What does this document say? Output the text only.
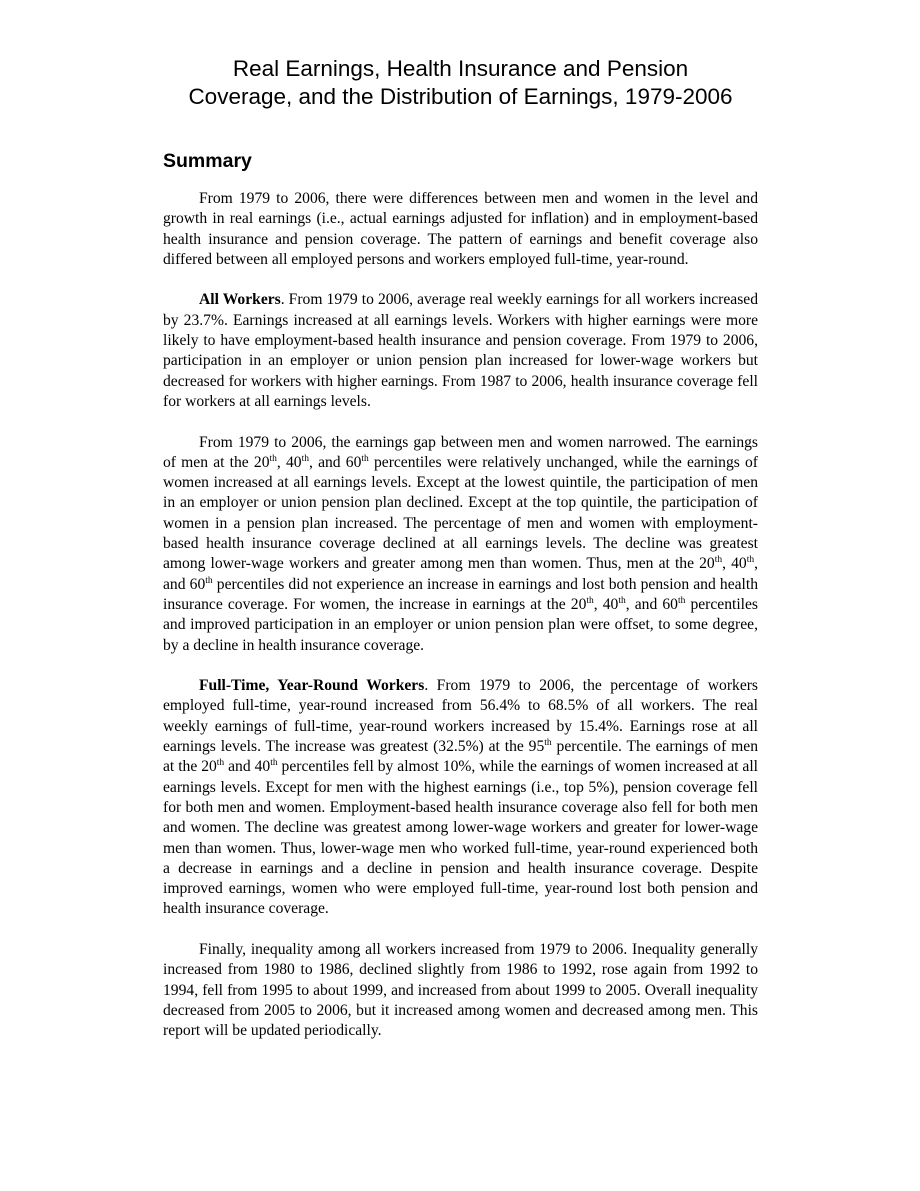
Real Earnings, Health Insurance and Pension
Coverage, and the Distribution of Earnings, 1979-2006
Summary

From 1979 to 2006, there were differences between men and women in the level and growth in real earnings (i.e., actual earnings adjusted for inflation) and in employment-based health insurance and pension coverage. The pattern of earnings and benefit coverage also differed between all employed persons and workers employed full-time, year-round.

All Workers. From 1979 to 2006, average real weekly earnings for all workers increased by 23.7%. Earnings increased at all earnings levels. Workers with higher earnings were more likely to have employment-based health insurance and pension coverage. From 1979 to 2006, participation in an employer or union pension plan increased for lower-wage workers but decreased for workers with higher earnings. From 1987 to 2006, health insurance coverage fell for workers at all earnings levels.

From 1979 to 2006, the earnings gap between men and women narrowed. The earnings of men at the 20th, 40th, and 60th percentiles were relatively unchanged, while the earnings of women increased at all earnings levels. Except at the lowest quintile, the participation of men in an employer or union pension plan declined. Except at the top quintile, the participation of women in a pension plan increased. The percentage of men and women with employment-based health insurance coverage declined at all earnings levels. The decline was greatest among lower-wage workers and greater among men than women. Thus, men at the 20th, 40th, and 60th percentiles did not experience an increase in earnings and lost both pension and health insurance coverage. For women, the increase in earnings at the 20th, 40th, and 60th percentiles and improved participation in an employer or union pension plan were offset, to some degree, by a decline in health insurance coverage.

Full-Time, Year-Round Workers. From 1979 to 2006, the percentage of workers employed full-time, year-round increased from 56.4% to 68.5% of all workers. The real weekly earnings of full-time, year-round workers increased by 15.4%. Earnings rose at all earnings levels. The increase was greatest (32.5%) at the 95th percentile. The earnings of men at the 20th and 40th percentiles fell by almost 10%, while the earnings of women increased at all earnings levels. Except for men with the highest earnings (i.e., top 5%), pension coverage fell for both men and women. Employment-based health insurance coverage also fell for both men and women. The decline was greatest among lower-wage workers and greater for lower-wage men than women. Thus, lower-wage men who worked full-time, year-round experienced both a decrease in earnings and a decline in pension and health insurance coverage. Despite improved earnings, women who were employed full-time, year-round lost both pension and health insurance coverage.

Finally, inequality among all workers increased from 1979 to 2006. Inequality generally increased from 1980 to 1986, declined slightly from 1986 to 1992, rose again from 1992 to 1994, fell from 1995 to about 1999, and increased from about 1999 to 2005. Overall inequality decreased from 2005 to 2006, but it increased among women and decreased among men. This report will be updated periodically.
